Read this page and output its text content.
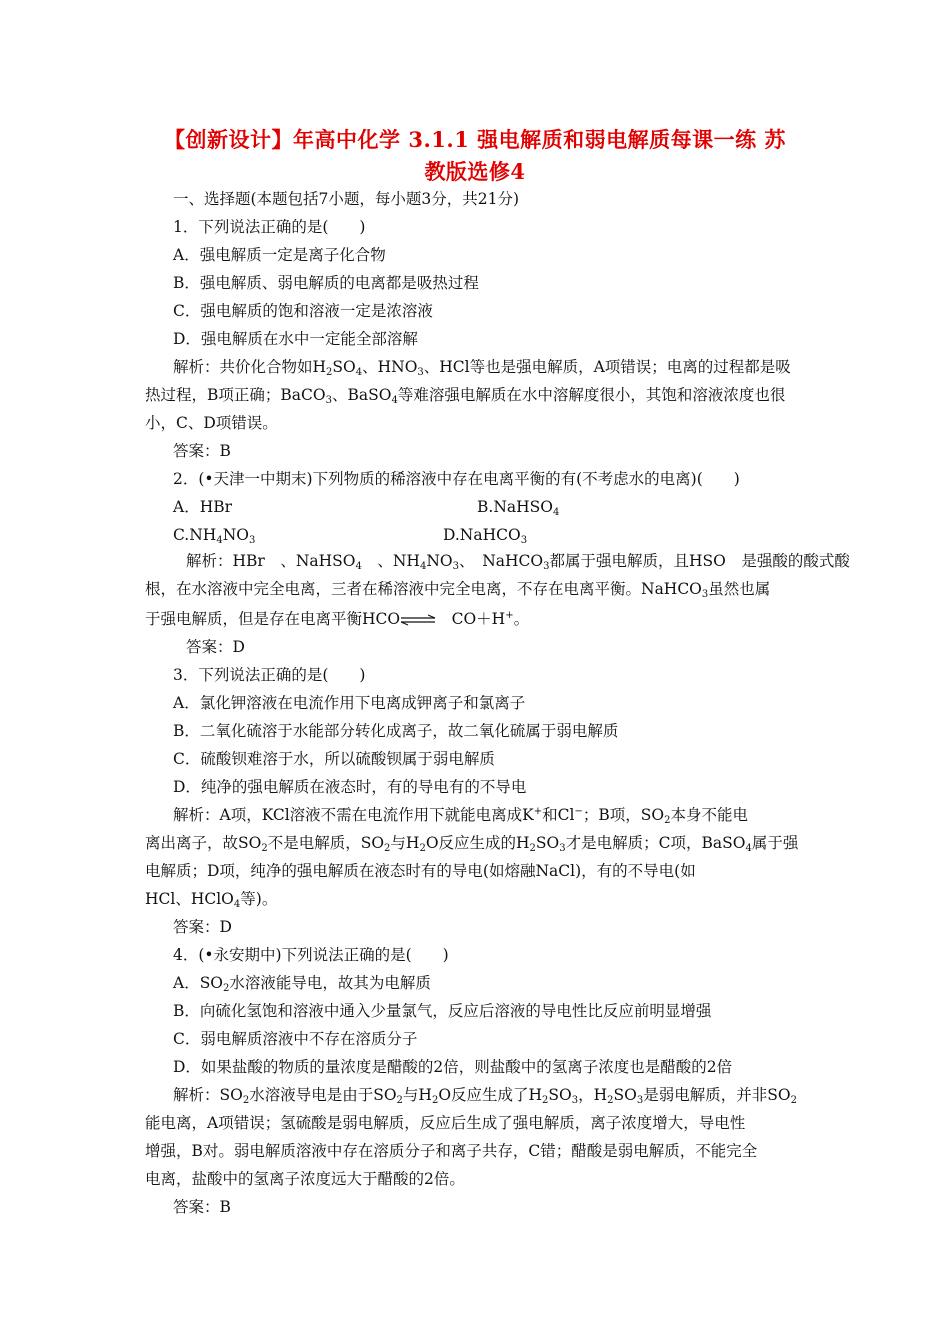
【创新设计】年高中化学 3.1.1 强电解质和弱电解质每课一练 苏
教版选修4
一、选择题(本题包括7小题，每小题3分，共21分)
1．下列说法正确的是(　　)
A．强电解质一定是离子化合物
B．强电解质、弱电解质的电离都是吸热过程
C．强电解质的饱和溶液一定是浓溶液
D．强电解质在水中一定能全部溶解
解析：共价化合物如$H_2SO_4$、$HNO_3$、HCl等也是强电解质，A项错误；电离的过程都是吸
热过程，B项正确；BaCO$_3$、BaSO$_4$等难溶强电解质在水中溶解度很小，其饱和溶液浓度也很
小，C、D项错误。
答案：B
2．(•天津一中期末)下列物质的稀溶液中存在电离平衡的有(不考虑水的电离)(　　)
A．HBr	B.NaHSO$_4$
$C.NH_4NO_3$	D.NaHCO$_3$
解析：HBr　、NaHSO$_4$　、$NH_4NO_3$、　NaHCO$_3$都属于强电解质，且HSO　是强酸的酸式酸
根，在水溶液中完全电离，三者在稀溶液中完全电离，不存在电离平衡。NaHCO$_3$虽然也属
于强电解质，但是存在电离平衡HCO⇌ 　CO＋H+。
答案：D
3．下列说法正确的是(　　)
A．氯化钾溶液在电流作用下电离成钾离子和氯离子
B．二氧化硫溶于水能部分转化成离子，故二氧化硫属于弱电解质
C．硫酸钡难溶于水，所以硫酸钡属于弱电解质
D．纯净的强电解质在液态时，有的导电有的不导电
解析：A项，KCl溶液不需在电流作用下就能电离成K+和Cl−；B项，$SO_2$本身不能电
离出离子，故$SO_2$不是电解质，$SO_2$与$H_2O$反应生成的$H_2SO_3$才是电解质；C项，BaSO$_4$属于强
电解质；D项，纯净的强电解质在液态时有的导电(如熔融NaCl)，有的不导电(如
HCl、HClO$_4$等)。
答案：D
4．(•永安期中)下列说法正确的是(　　)
A．$SO_2$水溶液能导电，故其为电解质
B．向硫化氢饱和溶液中通入少量氯气，反应后溶液的导电性比反应前明显增强
C．弱电解质溶液中不存在溶质分子
D．如果盐酸的物质的量浓度是醋酸的2倍，则盐酸中的氢离子浓度也是醋酸的2倍
解析：$SO_2$水溶液导电是由于$SO_2$与$H_2O$反应生成了$H_2SO_3$，$H_2SO_3$是弱电解质，并非$SO_2$
能电离，A项错误；氢硫酸是弱电解质，反应后生成了强电解质，离子浓度增大，导电性
增强，B对。弱电解质溶液中存在溶质分子和离子共存，C错；醋酸是弱电解质，不能完全
电离，盐酸中的氢离子浓度远大于醋酸的2倍。
答案：B
